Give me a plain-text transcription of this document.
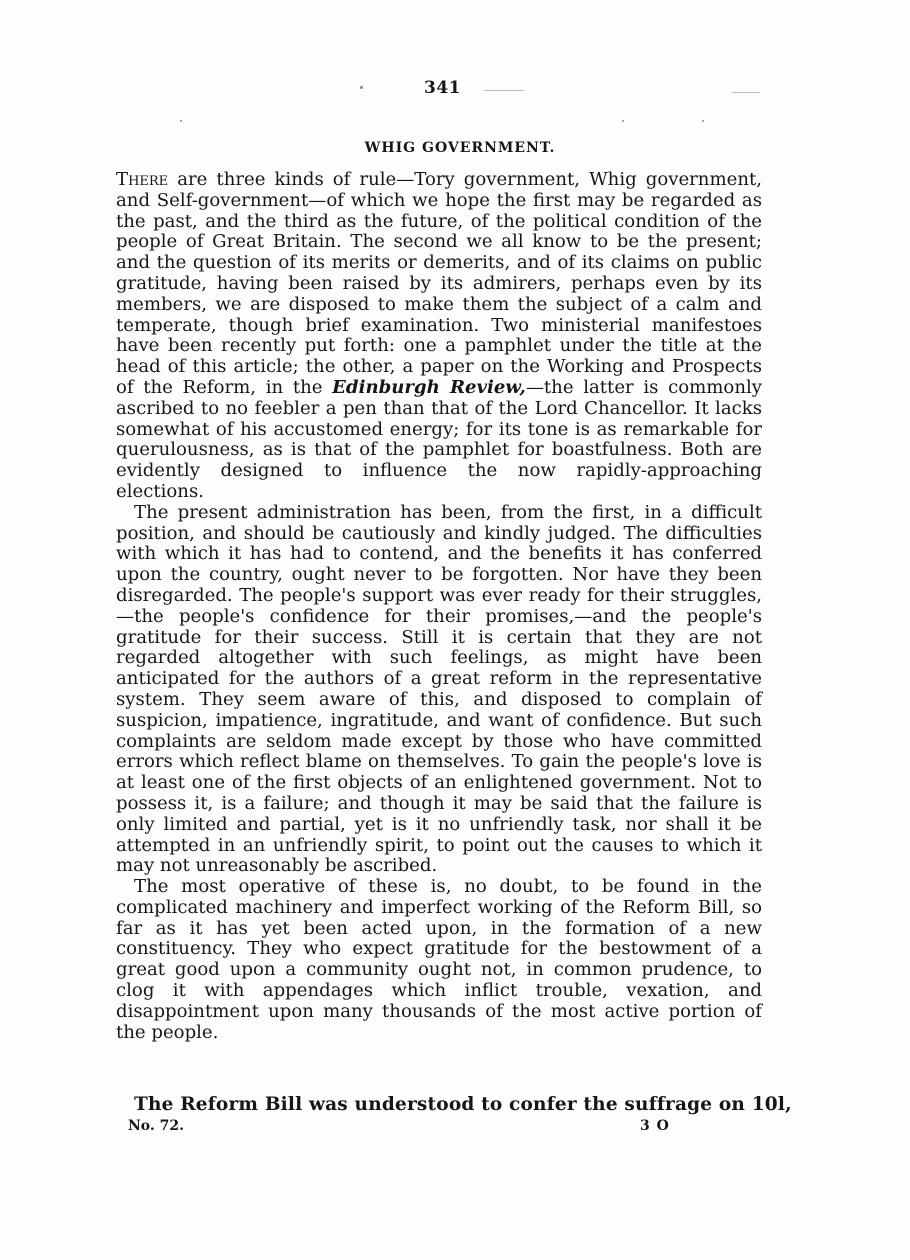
341
WHIG GOVERNMENT.

There are three kinds of rule—Tory government, Whig government, and Self-government—of which we hope the first may be regarded as the past, and the third as the future, of the political condition of the people of Great Britain. The second we all know to be the present; and the question of its merits or demerits, and of its claims on public gratitude, having been raised by its admirers, perhaps even by its members, we are disposed to make them the subject of a calm and temperate, though brief examination. Two ministerial manifestoes have been recently put forth: one a pamphlet under the title at the head of this article; the other, a paper on the Working and Prospects of the Reform, in the Edinburgh Review,—the latter is commonly ascribed to no feebler a pen than that of the Lord Chancellor. It lacks somewhat of his accustomed energy; for its tone is as remarkable for querulousness, as is that of the pamphlet for boastfulness. Both are evidently designed to influence the now rapidly-approaching elections.

The present administration has been, from the first, in a difficult position, and should be cautiously and kindly judged. The difficulties with which it has had to contend, and the benefits it has conferred upon the country, ought never to be forgotten. Nor have they been disregarded. The people's support was ever ready for their struggles,—the people's confidence for their promises,—and the people's gratitude for their success. Still it is certain that they are not regarded altogether with such feelings, as might have been anticipated for the authors of a great reform in the representative system. They seem aware of this, and disposed to complain of suspicion, impatience, ingratitude, and want of confidence. But such complaints are seldom made except by those who have committed errors which reflect blame on themselves. To gain the people's love is at least one of the first objects of an enlightened government. Not to possess it, is a failure; and though it may be said that the failure is only limited and partial, yet is it no unfriendly task, nor shall it be attempted in an unfriendly spirit, to point out the causes to which it may not unreasonably be ascribed.

The most operative of these is, no doubt, to be found in the complicated machinery and imperfect working of the Reform Bill, so far as it has yet been acted upon, in the formation of a new constituency. They who expect gratitude for the bestowment of a great good upon a community ought not, in common prudence, to clog it with appendages which inflict trouble, vexation, and disappointment upon many thousands of the most active portion of the people.

The Reform Bill was understood to confer the suffrage on 10l,
No. 72.	3 O
